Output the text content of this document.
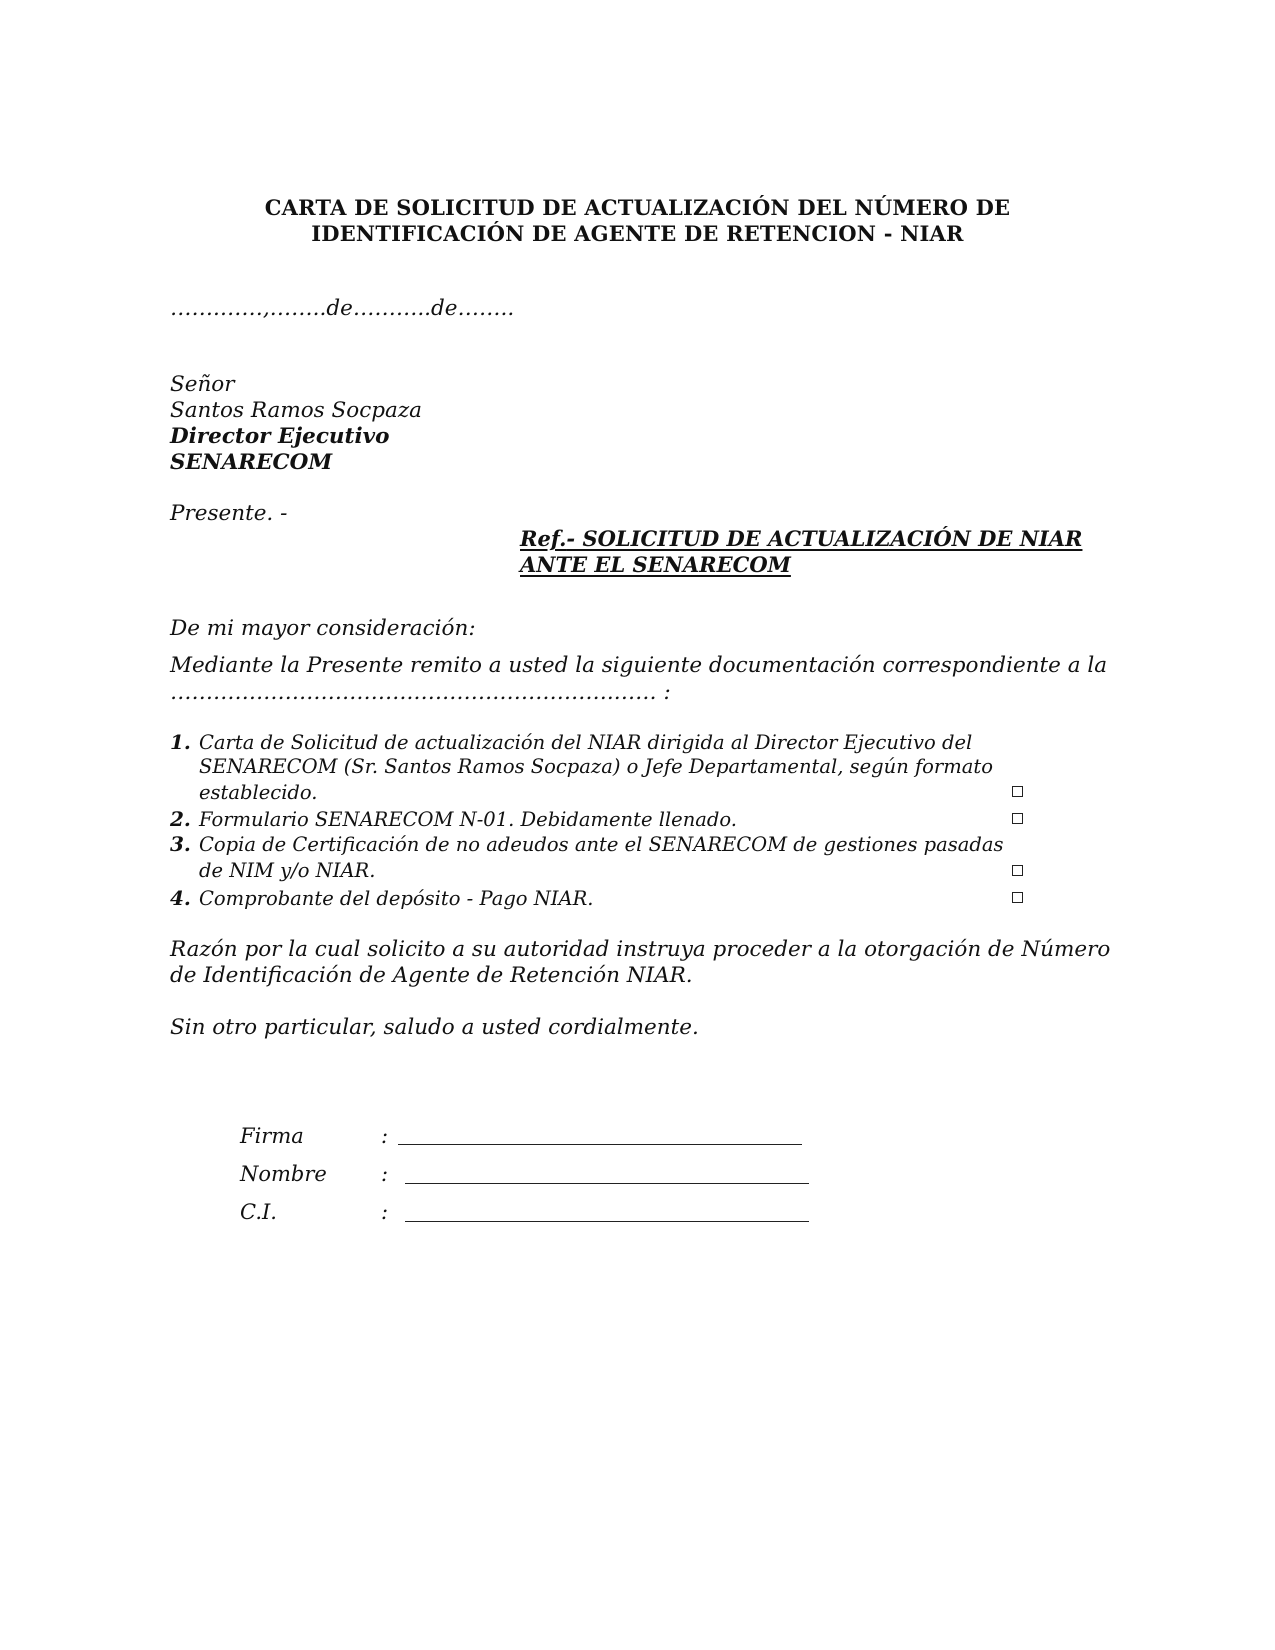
CARTA DE SOLICITUD DE ACTUALIZACIÓN DEL NÚMERO DE
IDENTIFICACIÓN DE AGENTE DE RETENCION - NIAR
…….……,……..de………..de……..
Señor
Santos Ramos Socpaza
Director Ejecutivo
SENARECOM
Presente. -
Ref.- SOLICITUD DE ACTUALIZACIÓN DE NIAR
ANTE EL SENARECOM
De mi mayor consideración:
Mediante la Presente remito a usted la siguiente documentación correspondiente a la
…………………………….……………………….…… :
1. Carta de Solicitud de actualización del NIAR dirigida al Director Ejecutivo del
SENARECOM (Sr. Santos Ramos Socpaza) o Jefe Departamental, según formato
establecido.
2. Formulario SENARECOM N-01. Debidamente llenado.
3. Copia de Certificación de no adeudos ante el SENARECOM de gestiones pasadas
de NIM y/o NIAR.
4. Comprobante del depósito - Pago NIAR.
Razón por la cual solicito a su autoridad instruya proceder a la otorgación de Número
de Identificación de Agente de Retención NIAR.
Sin otro particular, saludo a usted cordialmente.
Firma	:
Nombre	:
C.I.	:
